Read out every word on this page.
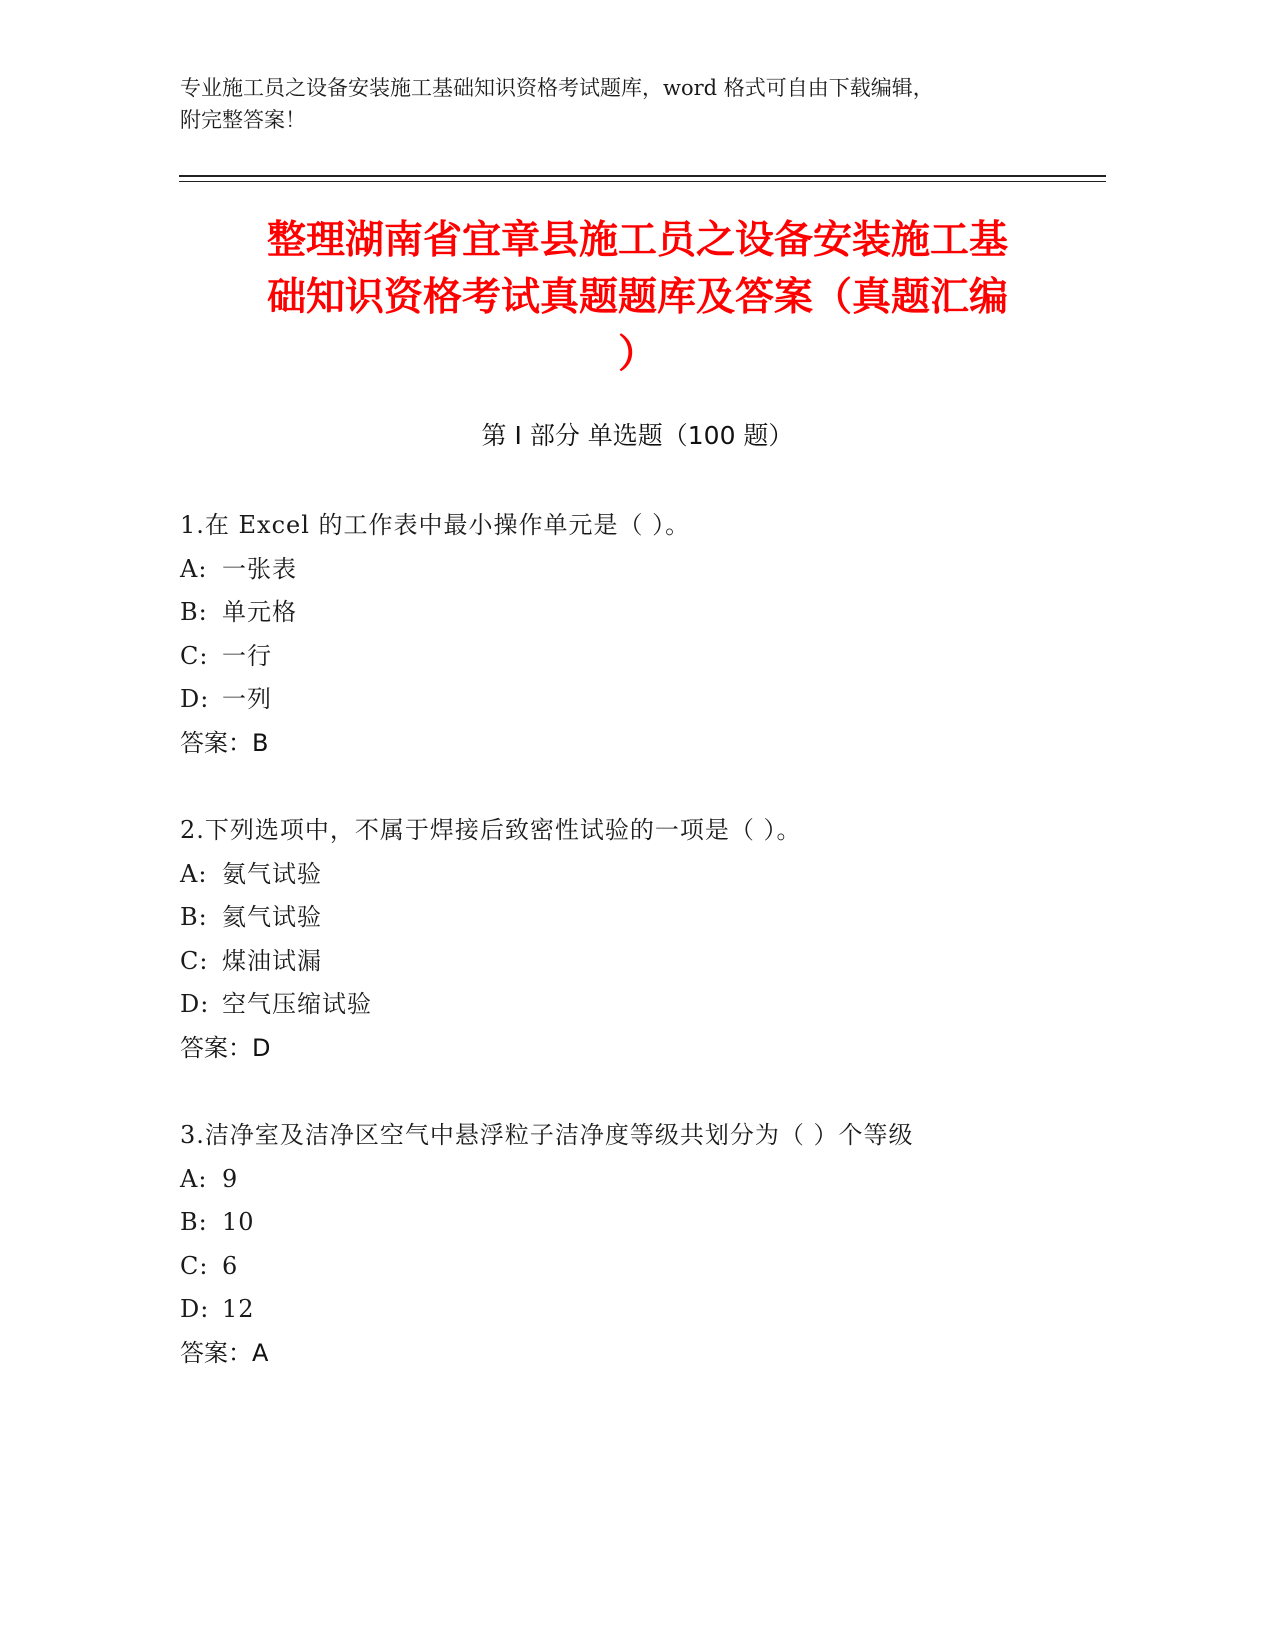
专业施工员之设备安装施工基础知识资格考试题库，word 格式可自由下载编辑，
附完整答案！
整理湖南省宜章县施工员之设备安装施工基
础知识资格考试真题题库及答案（真题汇编
）
第 I 部分 单选题（100 题）
1.在 Excel 的工作表中最小操作单元是（ ）。
A: 一张表
B: 单元格
C: 一行
D: 一列
答案：B
2.下列选项中，不属于焊接后致密性试验的一项是（ ）。
A: 氨气试验
B: 氦气试验
C: 煤油试漏
D: 空气压缩试验
答案：D
3.洁净室及洁净区空气中悬浮粒子洁净度等级共划分为（ ）个等级
A: 9
B: 10
C: 6
D: 12
答案：A
